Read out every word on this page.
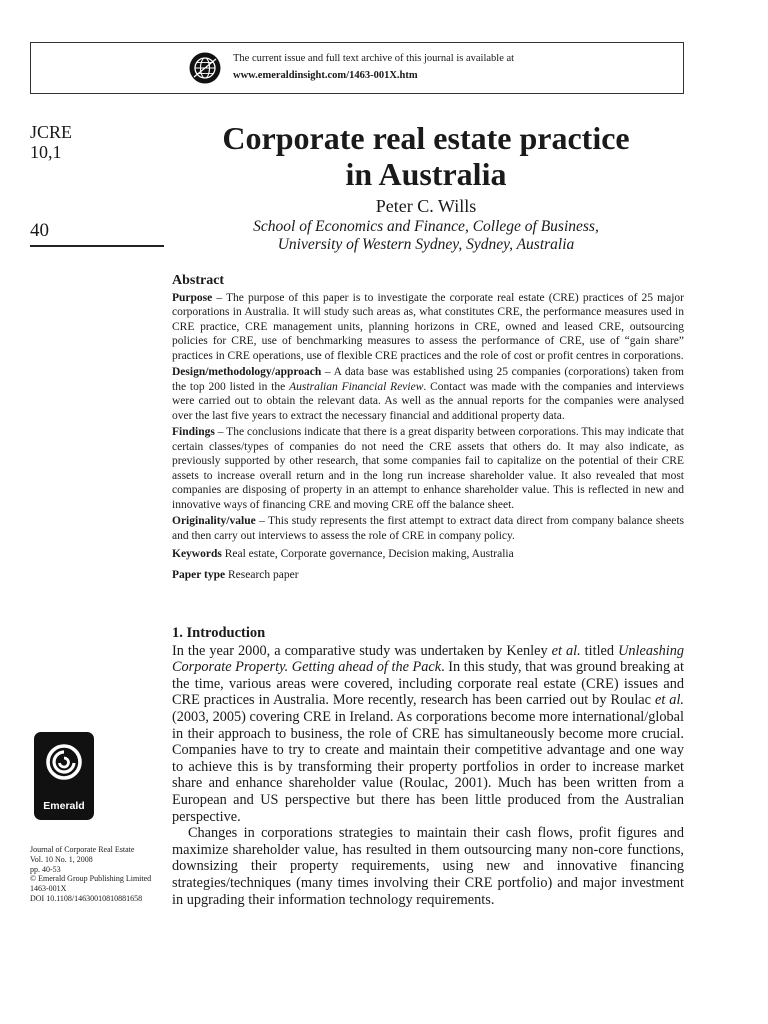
The current issue and full text archive of this journal is available at
www.emeraldinsight.com/1463-001X.htm
JCRE
10,1
40
Corporate real estate practice
in Australia
Peter C. Wills
School of Economics and Finance, College of Business,
University of Western Sydney, Sydney, Australia
Abstract

Purpose – The purpose of this paper is to investigate the corporate real estate (CRE) practices of 25 major corporations in Australia. It will study such areas as, what constitutes CRE, the performance measures used in CRE practice, CRE management units, planning horizons in CRE, owned and leased CRE, outsourcing policies for CRE, use of benchmarking measures to assess the performance of CRE, use of “gain share” practices in CRE operations, use of flexible CRE practices and the role of cost or profit centres in corporations.

Design/methodology/approach – A data base was established using 25 companies (corporations) taken from the top 200 listed in the Australian Financial Review. Contact was made with the companies and interviews were carried out to obtain the relevant data. As well as the annual reports for the companies were analysed over the last five years to extract the necessary financial and additional property data.

Findings – The conclusions indicate that there is a great disparity between corporations. This may indicate that certain classes/types of companies do not need the CRE assets that others do. It may also indicate, as previously supported by other research, that some companies fail to capitalize on the potential of their CRE assets to increase overall return and in the long run increase shareholder value. It also revealed that most companies are disposing of property in an attempt to enhance shareholder value. This is reflected in new and innovative ways of financing CRE and moving CRE off the balance sheet.

Originality/value – This study represents the first attempt to extract data direct from company balance sheets and then carry out interviews to assess the role of CRE in company policy.

Keywords Real estate, Corporate governance, Decision making, Australia

Paper type Research paper

1. Introduction

In the year 2000, a comparative study was undertaken by Kenley et al. titled Unleashing Corporate Property. Getting ahead of the Pack. In this study, that was ground breaking at the time, various areas were covered, including corporate real estate (CRE) issues and CRE practices in Australia. More recently, research has been carried out by Roulac et al. (2003, 2005) covering CRE in Ireland. As corporations become more international/global in their approach to business, the role of CRE has simultaneously become more crucial. Companies have to try to create and maintain their competitive advantage and one way to achieve this is by transforming their property portfolios in order to increase market share and enhance shareholder value (Roulac, 2001). Much has been written from a European and US perspective but there has been little produced from the Australian perspective.

Changes in corporations strategies to maintain their cash flows, profit figures and maximize shareholder value, has resulted in them outsourcing many non-core functions, downsizing their property requirements, using new and innovative financing strategies/techniques (many times involving their CRE portfolio) and major investment in upgrading their information technology requirements.

Emerald
Journal of Corporate Real Estate
Vol. 10 No. 1, 2008
pp. 40-53
© Emerald Group Publishing Limited
1463-001X
DOI 10.1108/14630010810881658
